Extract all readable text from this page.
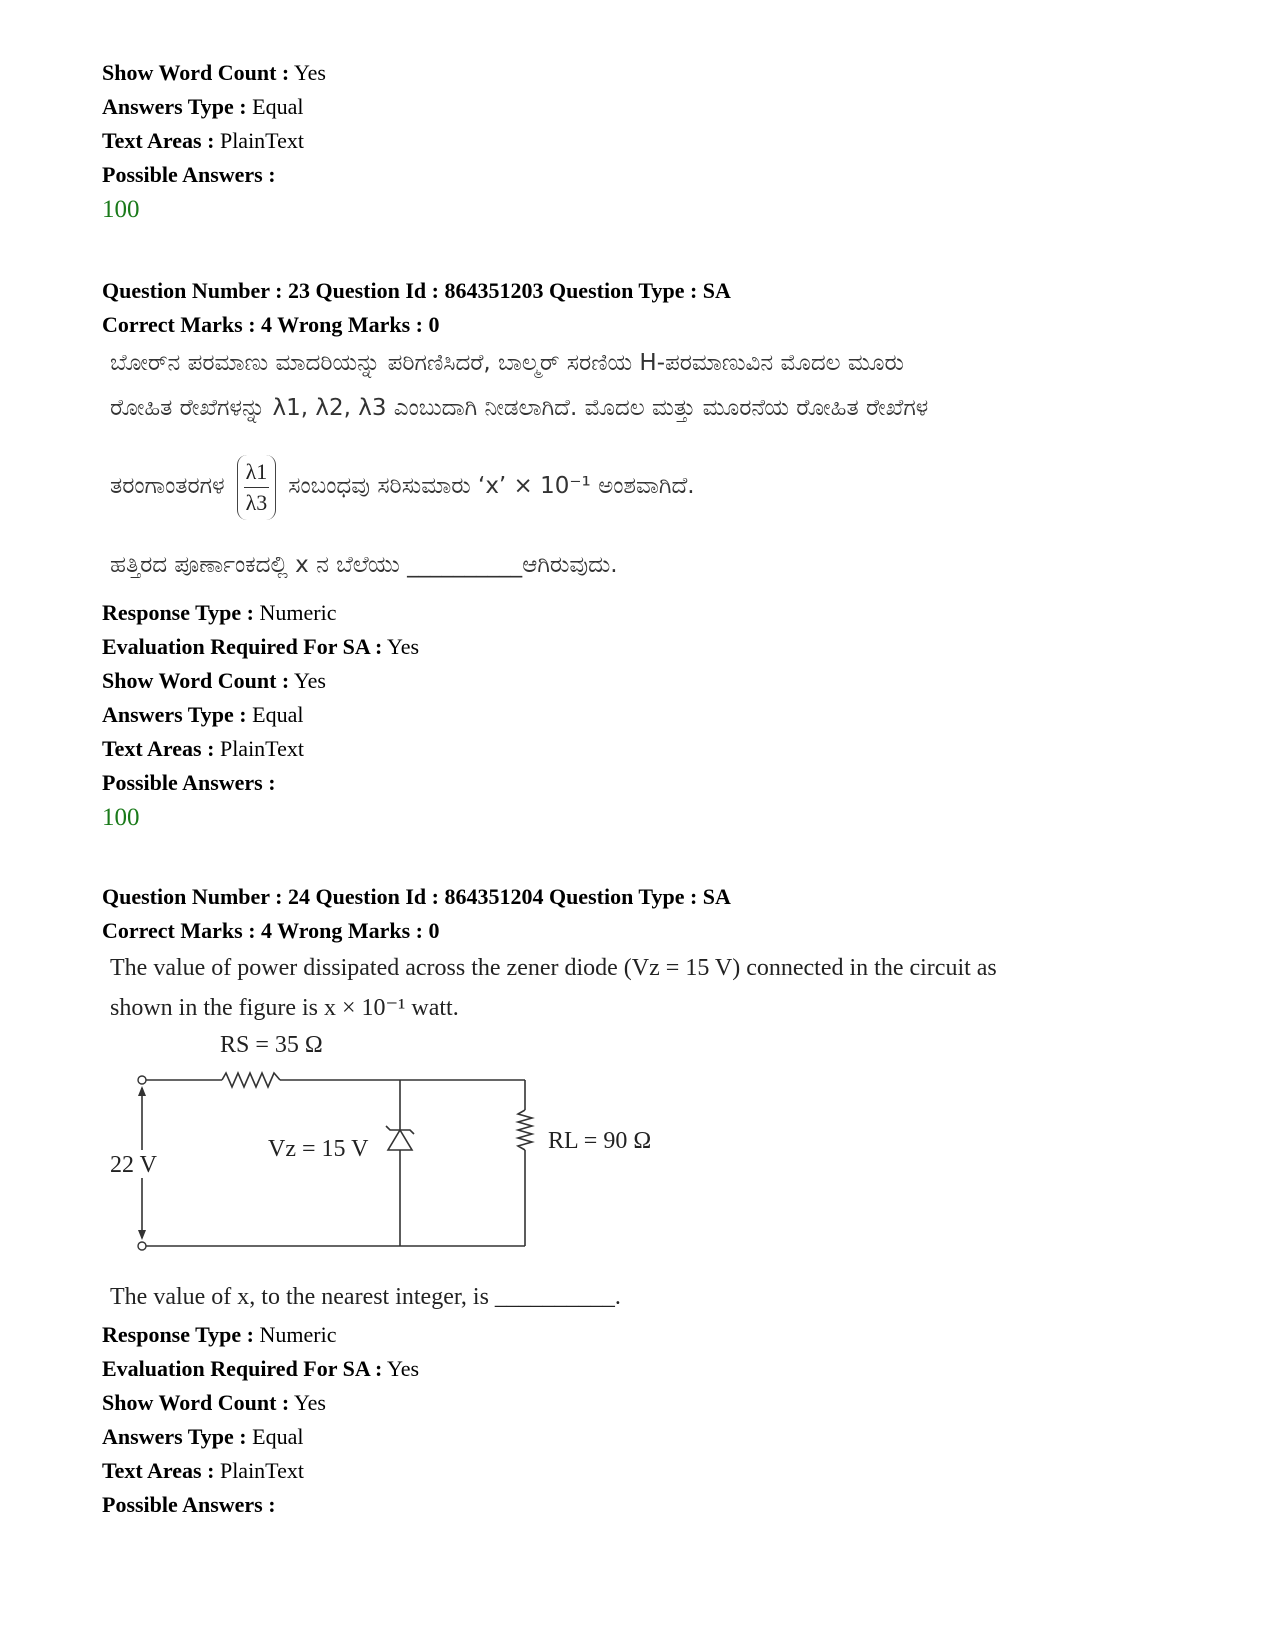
Show Word Count : Yes
Answers Type : Equal
Text Areas : PlainText
Possible Answers :
100
Question Number : 23 Question Id : 864351203 Question Type : SA
Correct Marks : 4 Wrong Marks : 0
ಬೋರ್‌ನ ಪರಮಾಣು ಮಾದರಿಯನ್ನು ಪರಿಗಣಿಸಿದರೆ, ಬಾಲ್ಮರ್ ಸರಣಿಯ H-ಪರಮಾಣುವಿನ ಮೊದಲ ಮೂರು
ರೋಹಿತ ರೇಖೆಗಳನ್ನು λ1, λ2, λ3 ಎಂಬುದಾಗಿ ನೀಡಲಾಗಿದೆ. ಮೊದಲ ಮತ್ತು ಮೂರನೆಯ ರೋಹಿತ ರೇಖೆಗಳ
ತರಂಗಾಂತರಗಳ $\frac{\lambda 1}{\lambda 3}$ ಸಂಬಂಧವು ಸರಿಸುಮಾರು ‘x’ × 10⁻¹ ಅಂಶವಾಗಿದೆ.
ಹತ್ತಿರದ ಪೂರ್ಣಾಂಕದಲ್ಲಿ x ನ ಬೆಲೆಯು __________ಆಗಿರುವುದು.
Response Type : Numeric
Evaluation Required For SA : Yes
Show Word Count : Yes
Answers Type : Equal
Text Areas : PlainText
Possible Answers :
100
Question Number : 24 Question Id : 864351204 Question Type : SA
Correct Marks : 4 Wrong Marks : 0
The value of power dissipated across the zener diode (Vz = 15 V) connected in the circuit as
shown in the figure is x × 10⁻¹ watt.
RS = 35 Ω
22 V
Vz = 15 V	RL = 90 Ω
The value of x, to the nearest integer, is __________.
Response Type : Numeric
Evaluation Required For SA : Yes
Show Word Count : Yes
Answers Type : Equal
Text Areas : PlainText
Possible Answers :
